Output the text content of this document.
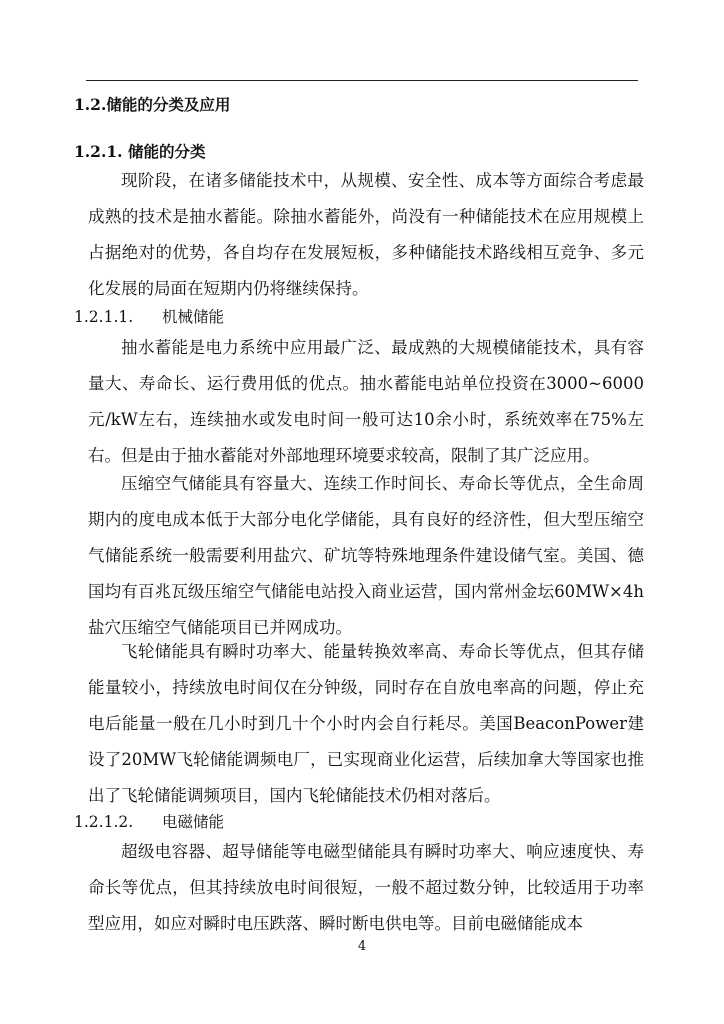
1.2.储能的分类及应用
1.2.1. 储能的分类

现阶段，在诸多储能技术中，从规模、安全性、成本等方面综合考虑最成熟的技术是抽水蓄能。除抽水蓄能外，尚没有一种储能技术在应用规模上占据绝对的优势，各自均存在发展短板，多种储能技术路线相互竞争、多元化发展的局面在短期内仍将继续保持。

1.2.1.1. 机械储能

抽水蓄能是电力系统中应用最广泛、最成熟的大规模储能技术，具有容量大、寿命长、运行费用低的优点。抽水蓄能电站单位投资在3000~6000元/kW左右，连续抽水或发电时间一般可达10余小时，系统效率在75%左右。但是由于抽水蓄能对外部地理环境要求较高，限制了其广泛应用。

压缩空气储能具有容量大、连续工作时间长、寿命长等优点，全生命周期内的度电成本低于大部分电化学储能，具有良好的经济性，但大型压缩空气储能系统一般需要利用盐穴、矿坑等特殊地理条件建设储气室。美国、德国均有百兆瓦级压缩空气储能电站投入商业运营，国内常州金坛60MW×4h盐穴压缩空气储能项目已并网成功。

飞轮储能具有瞬时功率大、能量转换效率高、寿命长等优点，但其存储能量较小，持续放电时间仅在分钟级，同时存在自放电率高的问题，停止充电后能量一般在几小时到几十个小时内会自行耗尽。美国BeaconPower建设了20MW飞轮储能调频电厂，已实现商业化运营，后续加拿大等国家也推出了飞轮储能调频项目，国内飞轮储能技术仍相对落后。

1.2.1.2. 电磁储能

超级电容器、超导储能等电磁型储能具有瞬时功率大、响应速度快、寿命长等优点，但其持续放电时间很短，一般不超过数分钟，比较适用于功率型应用，如应对瞬时电压跌落、瞬时断电供电等。目前电磁储能成本

4
